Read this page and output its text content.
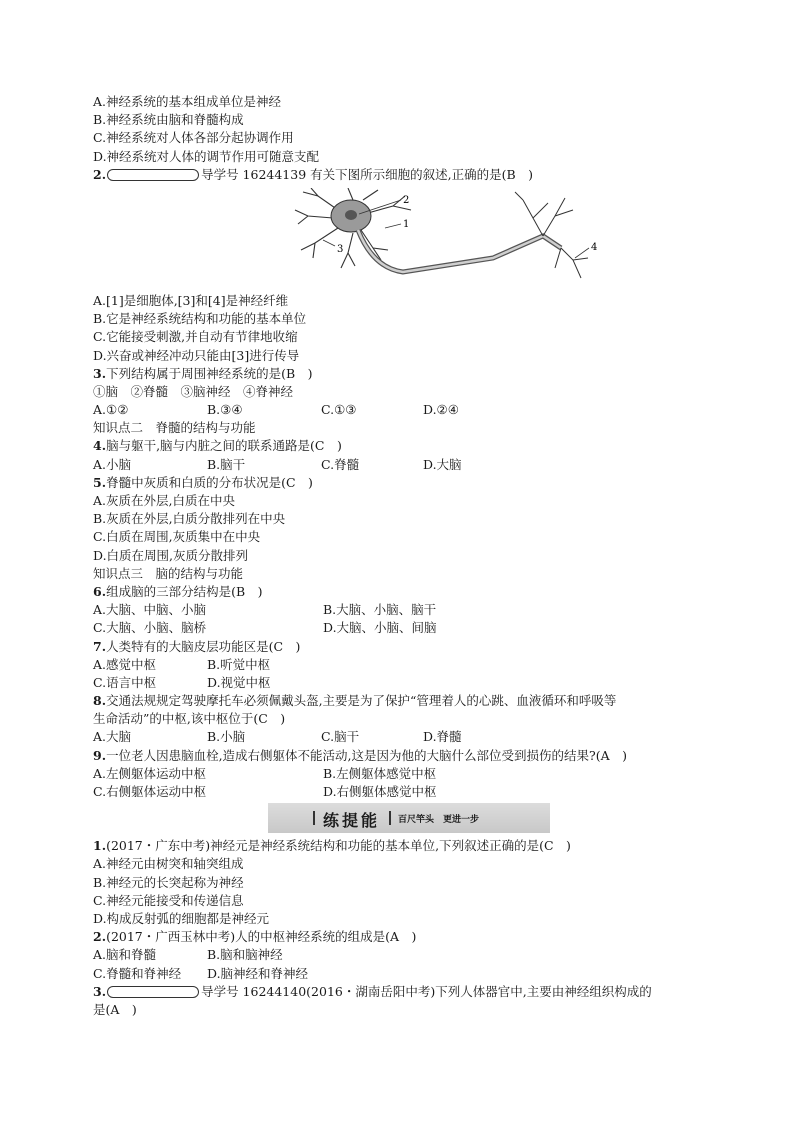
A.神经系统的基本组成单位是神经
B.神经系统由脑和脊髓构成
C.神经系统对人体各部分起协调作用
D.神经系统对人体的调节作用可随意支配
2.	导学号 16244139 有关下图所示细胞的叙述,正确的是(B　)
2
1
3	4
A.[1]是细胞体,[3]和[4]是神经纤维
B.它是神经系统结构和功能的基本单位
C.它能接受刺激,并自动有节律地收缩
D.兴奋或神经冲动只能由[3]进行传导
3.下列结构属于周围神经系统的是(B　)
①脑　②脊髓　③脑神经　④脊神经
A.①②	B.③④	C.①③	D.②④
知识点二　脊髓的结构与功能
4.脑与躯干,脑与内脏之间的联系通路是(C　)
A.小脑	B.脑干	C.脊髓	D.大脑
5.脊髓中灰质和白质的分布状况是(C　)
A.灰质在外层,白质在中央
B.灰质在外层,白质分散排列在中央
C.白质在周围,灰质集中在中央
D.白质在周围,灰质分散排列
知识点三　脑的结构与功能
6.组成脑的三部分结构是(B　)
A.大脑、中脑、小脑	B.大脑、小脑、脑干
C.大脑、小脑、脑桥	D.大脑、小脑、间脑
7.人类特有的大脑皮层功能区是(C　)
A.感觉中枢	B.听觉中枢
C.语言中枢	D.视觉中枢
8.交通法规规定驾驶摩托车必须佩戴头盔,主要是为了保护“管理着人的心跳、血液循环和呼吸等
生命活动”的中枢,该中枢位于(C　)
A.大脑	B.小脑	C.脑干	D.脊髓
9.一位老人因患脑血栓,造成右侧躯体不能活动,这是因为他的大脑什么部位受到损伤的结果?(A　)
A.左侧躯体运动中枢	B.左侧躯体感觉中枢
C.右侧躯体运动中枢	D.右侧躯体感觉中枢
练提能 百尺竿头　更进一步
1.(2017・广东中考)神经元是神经系统结构和功能的基本单位,下列叙述正确的是(C　)
A.神经元由树突和轴突组成
B.神经元的长突起称为神经
C.神经元能接受和传递信息
D.构成反射弧的细胞都是神经元
2.(2017・广西玉林中考)人的中枢神经系统的组成是(A　)
A.脑和脊髓	B.脑和脑神经
C.脊髓和脊神经 D.脑神经和脊神经
3.	导学号 16244140(2016・湖南岳阳中考)下列人体器官中,主要由神经组织构成的
是(A　)
